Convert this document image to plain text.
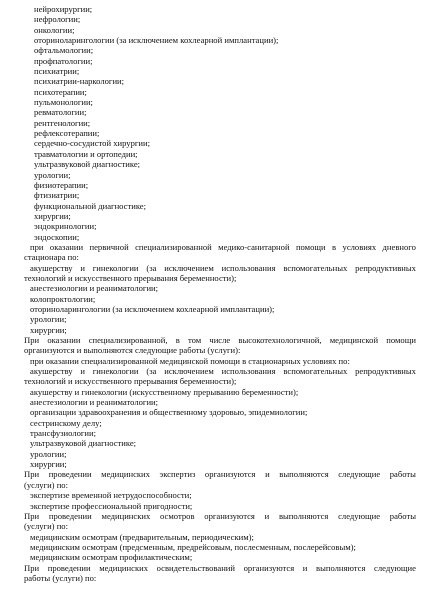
нейрохирургии;
нефрологии;
онкологии;
оториноларингологии (за исключением кохлеарной имплантации);
офтальмологии;
профпатологии;
психиатрии;
психиатрии-наркологии;
психотерапии;
пульмонологии;
ревматологии;
рентгенологии;
рефлексотерапии;
сердечно-сосудистой хирургии;
травматологии и ортопедии;
ультразвуковой диагностике;
урологии;
физиотерапии;
фтизиатрии;
функциональной диагностике;
хирургии;
эндокринологии;
эндоскопии;
при оказании первичной специализированной медико-санитарной помощи в условиях дневного
стационара по:
акушерству и гинекологии (за исключением использования вспомогательных репродуктивных
технологий и искусственного прерывания беременности);
анестезиологии и реаниматологии;
колопроктологии;
оториноларингологии (за исключением кохлеарной имплантации);
урологии;
хирургии;
При оказании специализированной, в том числе высокотехнологичной, медицинской помощи
организуются и выполняются следующие работы (услуги):
при оказании специализированной медицинской помощи в стационарных условиях по:
акушерству и гинекологии (за исключением использования вспомогательных репродуктивных
технологий и искусственного прерывания беременности);
акушерству и гинекологии (искусственному прерыванию беременности);
анестезиологии и реаниматологии;
организации здравоохранения и общественному здоровью, эпидемиологии;
сестринскому делу;
трансфузиологии;
ультразвуковой диагностике;
урологии;
хирургии;
При проведении медицинских экспертиз организуются и выполняются следующие работы
(услуги) по:
экспертизе временной нетрудоспособности;
экспертизе профессиональной пригодности;
При проведении медицинских осмотров организуются и выполняются следующие работы
(услуги) по:
медицинским осмотрам (предварительным, периодическим);
медицинским осмотрам (предсменным, предрейсовым, послесменным, послерейсовым);
медицинским осмотрам профилактическим;
При проведении медицинских освидетельствований организуются и выполняются следующие
работы (услуги) по:
